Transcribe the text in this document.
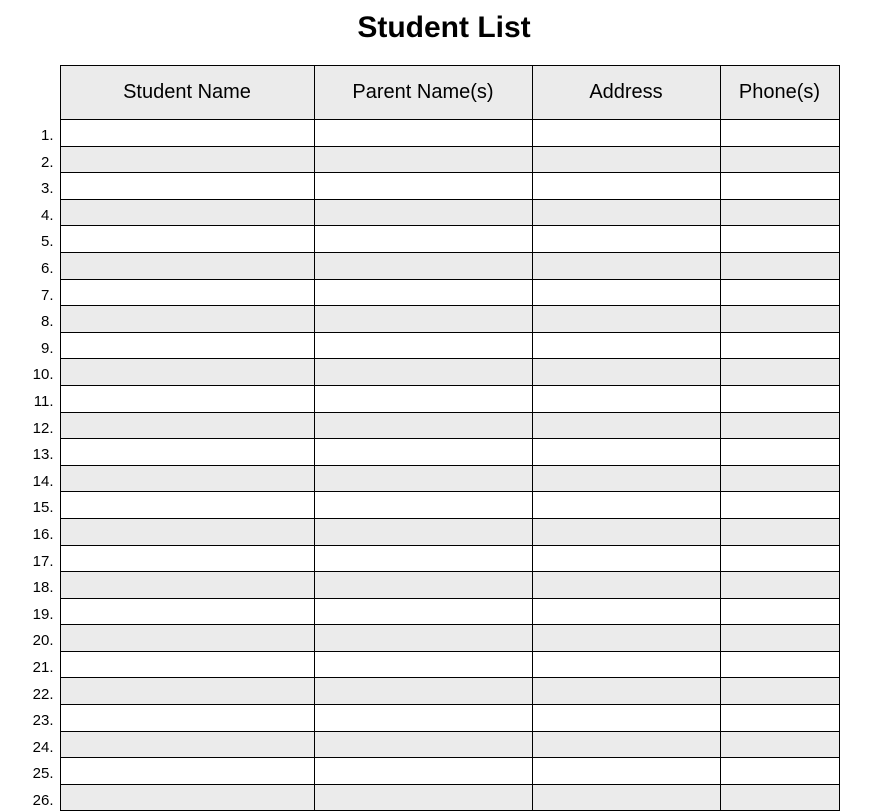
Student List
	Student Name	Parent Name(s)	Address	Phone(s)
1.				
2.				
3.				
4.				
5.				
6.				
7.				
8.				
9.				
10.				
11.				
12.				
13.				
14.				
15.				
16.				
17.				
18.				
19.				
20.				
21.				
22.				
23.				
24.				
25.				
26.				
